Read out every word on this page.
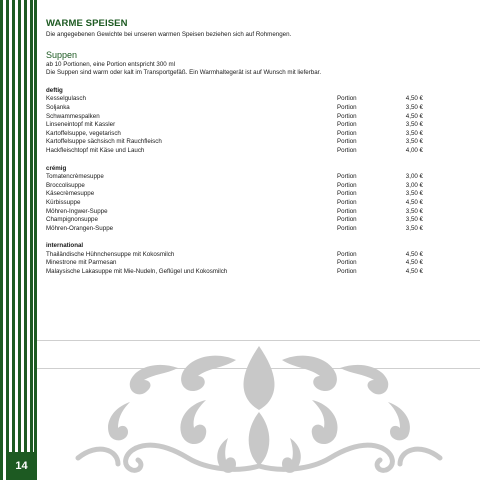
WARME SPEISEN
Die angegebenen Gewichte bei unseren warmen Speisen beziehen sich auf Rohmengen.
Suppen
ab 10 Portionen, eine Portion entspricht 300 ml
Die Suppen sind warm oder kalt im Transportgefäß. Ein Warmhaltegerät ist auf Wunsch mit lieferbar.
deftig
Kesselgulasch	Portion	4,50 €
Soljanka	Portion	3,50 €
Schwammespalken	Portion	4,50 €
Linseneintopf mit Kassler	Portion	3,50 €
Kartoffelsuppe, vegetarisch	Portion	3,50 €
Kartoffelsuppe sächsisch mit Rauchfleisch	Portion	3,50 €
Hackfleischtopf mit Käse und Lauch	Portion	4,00 €
crémig
Tomatencrèmesuppe	Portion	3,00 €
Broccolisuppe	Portion	3,00 €
Käsecrèmesuppe	Portion	3,50 €
Kürbissuppe	Portion	4,50 €
Möhren-Ingwer-Suppe	Portion	3,50 €
Champignonsuppe	Portion	3,50 €
Möhren-Orangen-Suppe	Portion	3,50 €
international
Thailändische Hühnchensuppe mit Kokosmilch	Portion	4,50 €
Minestrone mit Parmesan	Portion	4,50 €
Malaysische Lakasuppe mit Mie-Nudeln, Geflügel und Kokosmilch	Portion	4,50 €
14
